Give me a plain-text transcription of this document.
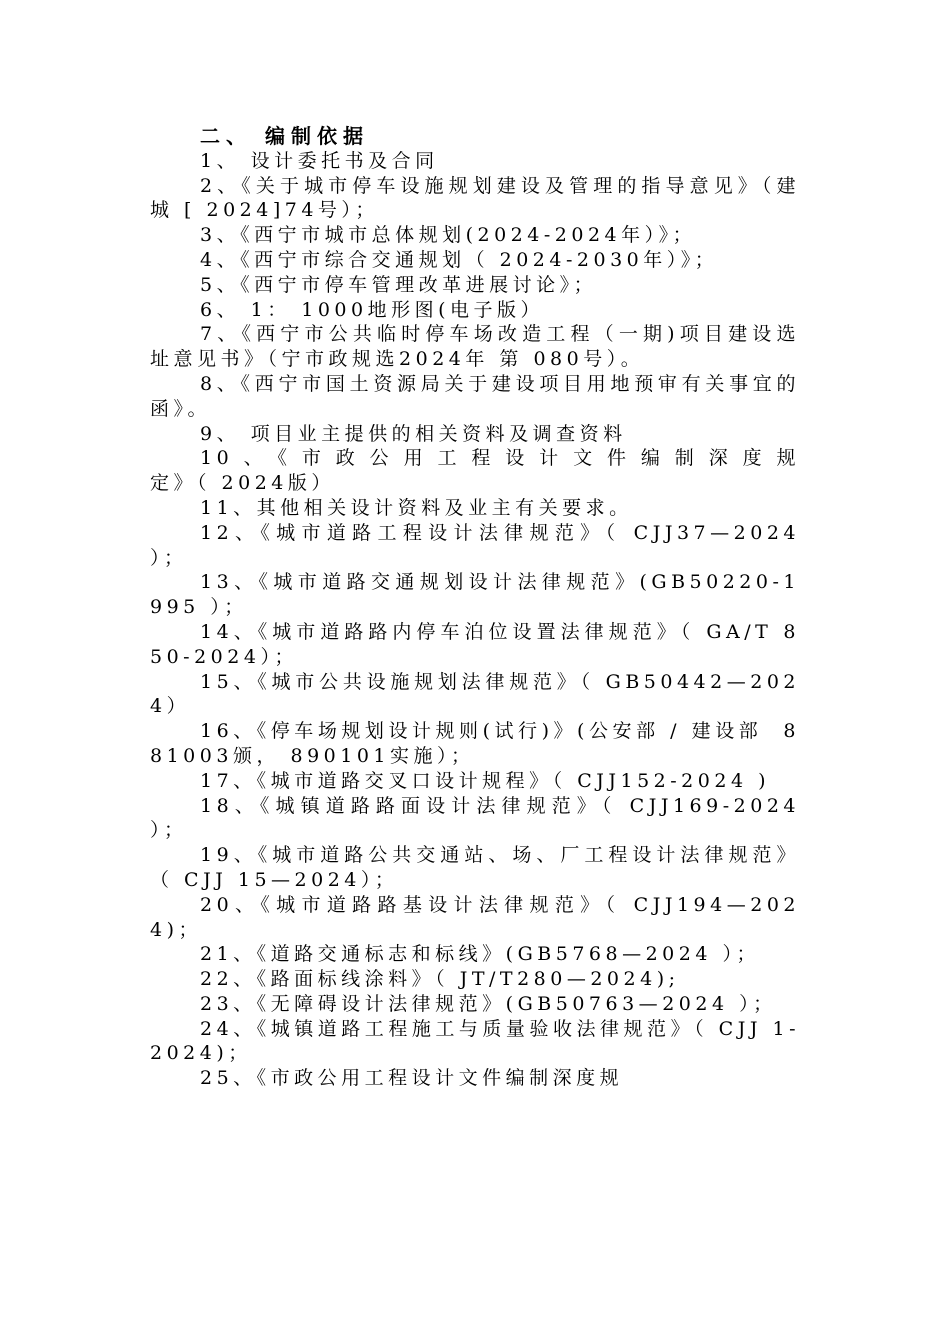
二、 编制依据
1、 设计委托书及合同
2、《关于城市停车设施规划建设及管理的指导意见》（建城 [ 2024]74号）；
3、《西宁市城市总体规划(2024-2024年）》；
4、《西宁市综合交通规划（ 2024-2030年）》；
5、《西宁市停车管理改革进展讨论》；
6、 1： 1000地形图(电子版）
7、《西宁市公共临时停车场改造工程（一期)项目建设选址意见书》（宁市政规选2024年 第 080号）。
8、《西宁市国土资源局关于建设项目用地预审有关事宜的函》。
9、 项目业主提供的相关资料及调查资料
10、《市政公用工程设计文件编制深度规定》（ 2024版）
11、其他相关设计资料及业主有关要求。
12、《城市道路工程设计法律规范》（ CJJ37—2024 ）；
13、《城市道路交通规划设计法律规范》(GB50220-1995 ）；
14、《城市道路路内停车泊位设置法律规范》（ GA/T 850-2024）；
15、《城市公共设施规划法律规范》（ GB50442—2024）
16、《停车场规划设计规则(试行)》(公安部 / 建设部  881003颁， 890101实施）；
17、《城市道路交叉口设计规程》（ CJJ152-2024 )
18、《城镇道路路面设计法律规范》（ CJJ169-2024 ）；
19、《城市道路公共交通站、场、厂工程设计法律规范》（ CJJ 15—2024）；
20、《城市道路路基设计法律规范》（ CJJ194—2024)；
21、《道路交通标志和标线》(GB5768—2024 ）；
22、《路面标线涂料》（ JT/T280—2024);
23、《无障碍设计法律规范》(GB50763—2024 ）；
24、《城镇道路工程施工与质量验收法律规范》（ CJJ 1-2024)；
25、《市政公用工程设计文件编制深度规
